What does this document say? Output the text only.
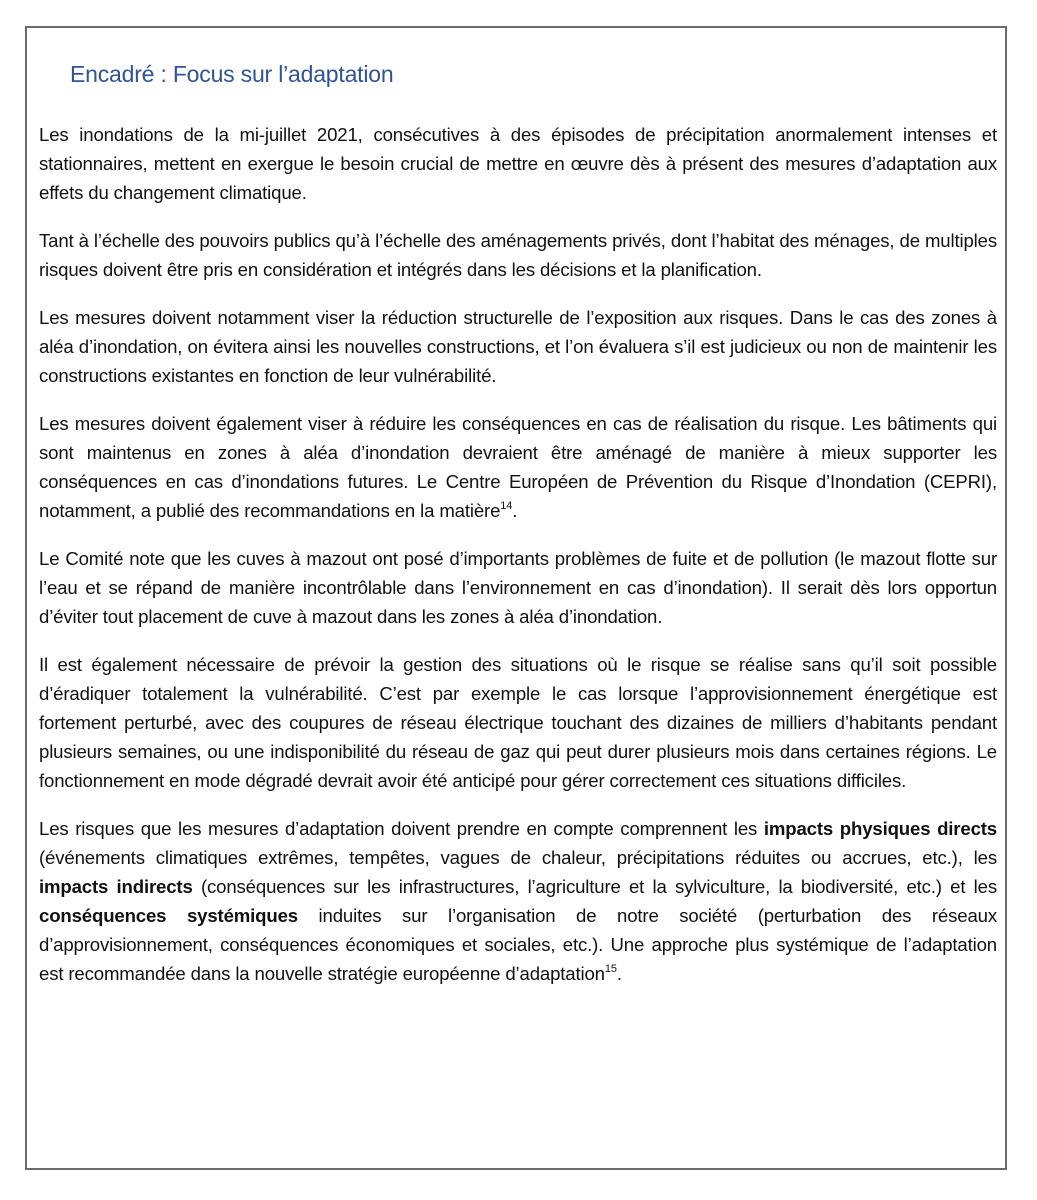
Encadré : Focus sur l’adaptation

Les inondations de la mi-juillet 2021, consécutives à des épisodes de précipitation anormalement intenses et stationnaires, mettent en exergue le besoin crucial de mettre en œuvre dès à présent des mesures d’adaptation aux effets du changement climatique.

Tant à l’échelle des pouvoirs publics qu’à l’échelle des aménagements privés, dont l’habitat des ménages, de multiples risques doivent être pris en considération et intégrés dans les décisions et la planification.

Les mesures doivent notamment viser la réduction structurelle de l’exposition aux risques. Dans le cas des zones à aléa d’inondation, on évitera ainsi les nouvelles constructions, et l’on évaluera s’il est judicieux ou non de maintenir les constructions existantes en fonction de leur vulnérabilité.

Les mesures doivent également viser à réduire les conséquences en cas de réalisation du risque. Les bâtiments qui sont maintenus en zones à aléa d’inondation devraient être aménagé de manière à mieux supporter les conséquences en cas d’inondations futures. Le Centre Européen de Prévention du Risque d’Inondation (CEPRI), notamment, a publié des recommandations en la matière$^{14}$.

Le Comité note que les cuves à mazout ont posé d’importants problèmes de fuite et de pollution (le mazout flotte sur l’eau et se répand de manière incontrôlable dans l’environnement en cas d’inondation). Il serait dès lors opportun d’éviter tout placement de cuve à mazout dans les zones à aléa d’inondation.

Il est également nécessaire de prévoir la gestion des situations où le risque se réalise sans qu’il soit possible d’éradiquer totalement la vulnérabilité. C’est par exemple le cas lorsque l’approvisionnement énergétique est fortement perturbé, avec des coupures de réseau électrique touchant des dizaines de milliers d’habitants pendant plusieurs semaines, ou une indisponibilité du réseau de gaz qui peut durer plusieurs mois dans certaines régions. Le fonctionnement en mode dégradé devrait avoir été anticipé pour gérer correctement ces situations difficiles.

Les risques que les mesures d’adaptation doivent prendre en compte comprennent les impacts physiques directs (événements climatiques extrêmes, tempêtes, vagues de chaleur, précipitations réduites ou accrues, etc.), les impacts indirects (conséquences sur les infrastructures, l’agriculture et la sylviculture, la biodiversité, etc.) et les conséquences systémiques induites sur l’organisation de notre société (perturbation des réseaux d’approvisionnement, conséquences économiques et sociales, etc.). Une approche plus systémique de l’adaptation est recommandée dans la nouvelle stratégie européenne d’adaptation$^{15}$.
